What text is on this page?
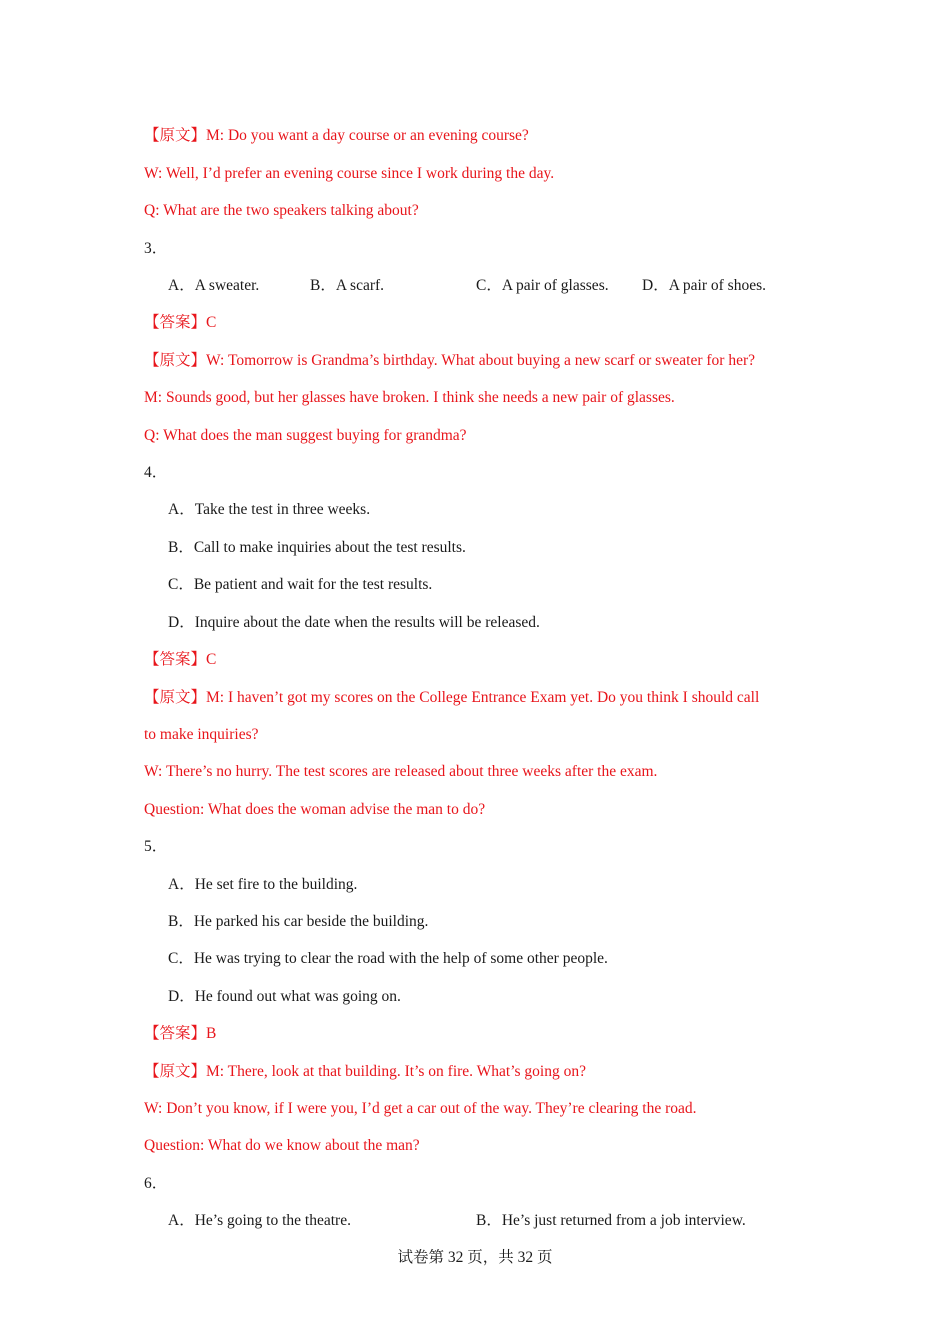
【原文】M: Do you want a day course or an evening course?
W: Well, I’d prefer an evening course since I work during the day.
Q: What are the two speakers talking about?
3．
A．A sweater.	B．A scarf.	C．A pair of glasses. D．A pair of shoes.
【答案】C
【原文】W: Tomorrow is Grandma’s birthday. What about buying a new scarf or sweater for her?
M: Sounds good, but her glasses have broken. I think she needs a new pair of glasses.
Q: What does the man suggest buying for grandma?
4．
A．Take the test in three weeks.
B．Call to make inquiries about the test results.
C．Be patient and wait for the test results.
D．Inquire about the date when the results will be released.
【答案】C
【原文】M: I haven’t got my scores on the College Entrance Exam yet. Do you think I should call
to make inquiries?
W: There’s no hurry. The test scores are released about three weeks after the exam.
Question: What does the woman advise the man to do?
5．
A．He set fire to the building.
B．He parked his car beside the building.
C．He was trying to clear the road with the help of some other people.
D．He found out what was going on.
【答案】B
【原文】M: There, look at that building. It’s on fire. What’s going on?
W: Don’t you know, if I were you, I’d get a car out of the way. They’re clearing the road.
Question: What do we know about the man?
6．
A．He’s going to the theatre.	B．He’s just returned from a job interview.
试卷第 32 页，共 32 页
